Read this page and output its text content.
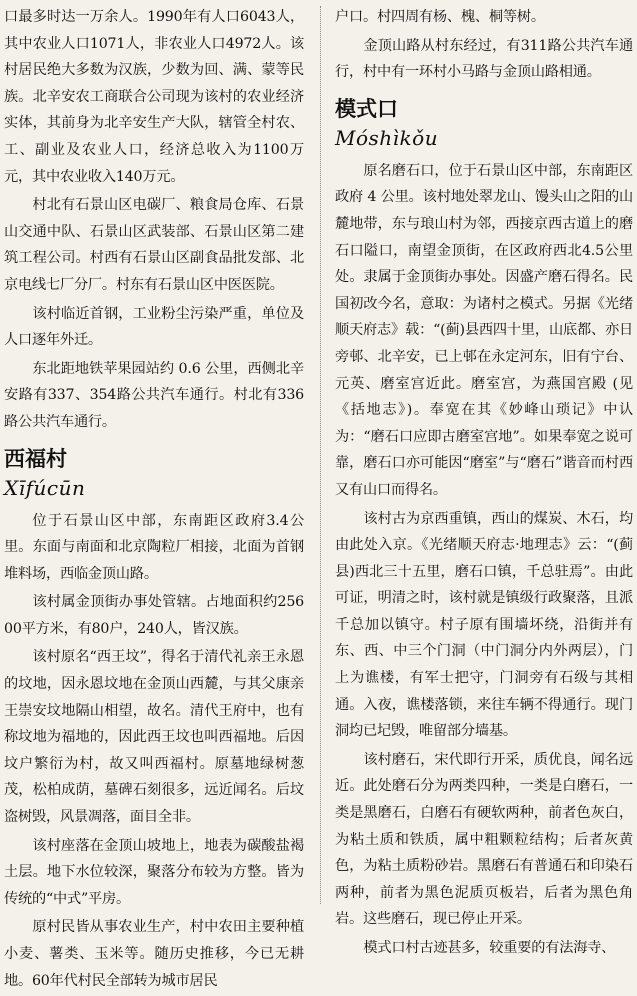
口最多时达一万余人。1990年有人口6043人，其中农业人口1071人，非农业人口4972人。该村居民绝大多数为汉族，少数为回、满、蒙等民族。北辛安农工商联合公司现为该村的农业经济实体，其前身为北辛安生产大队，辖管全村农、工、副业及农业人口，经济总收入为1100万元，其中农业收入140万元。

村北有石景山区电碳厂、粮食局仓库、石景山交通中队、石景山区武装部、石景山区第二建筑工程公司。村西有石景山区副食品批发部、北京电线七厂分厂。村东有石景山区中医医院。

该村临近首钢，工业粉尘污染严重，单位及人口逐年外迁。

东北距地铁苹果园站约 0.6 公里，西侧北辛安路有337、354路公共汽车通行。村北有336路公共汽车通行。

西福村
Xīfúcūn

位于石景山区中部，东南距区政府3.4公里。东面与南面和北京陶粒厂相接，北面为首钢堆料场，西临金顶山路。

该村属金顶街办事处管辖。占地面积约25600平方米，有80户，240人，皆汉族。

该村原名“西王坟”，得名于清代礼亲王永恩的坟地，因永恩坟地在金顶山西麓，与其父康亲王崇安坟地隔山相望，故名。清代王府中，也有称坟地为福地的，因此西王坟也叫西福地。后因坟户繁衍为村，故又叫西福村。原墓地绿树葱茂，松柏成荫，墓碑石刻很多，远近闻名。后坟盗树毁，风景凋落，面目全非。

该村座落在金顶山坡地上，地表为碳酸盐褐土层。地下水位较深，聚落分布较为方整。皆为传统的“中式”平房。

原村民皆从事农业生产，村中农田主要种植小麦、薯类、玉米等。随历史推移，今已无耕地。60年代村民全部转为城市居民

户口。村四周有杨、槐、桐等树。

金顶山路从村东经过，有311路公共汽车通行，村中有一环村小马路与金顶山路相通。

模式口
Móshìkǒu

原名磨石口，位于石景山区中部，东南距区政府 4 公里。该村地处翠龙山、馒头山之阳的山麓地带，东与琅山村为邻，西接京西古道上的磨石口隘口，南望金顶街，在区政府西北4.5公里处。隶属于金顶街办事处。因盛产磨石得名。民国初改今名，意取：为诸村之模式。另据《光绪顺天府志》载：“(蓟)县西四十里，山底都、亦日旁邨、北辛安，已上邨在永定河东，旧有宁台、元英、磨室宫近此。磨室宫，为燕国宫殿 (见《括地志》)。奉宽在其《妙峰山琐记》中认为：“磨石口应即古磨室宫地”。如果奉宽之说可靠，磨石口亦可能因“磨室”与“磨石”谐音而村西又有山口而得名。

该村古为京西重镇，西山的煤炭、木石，均由此处入京。《光绪顺天府志·地理志》云：“(蓟县)西北三十五里，磨石口镇，千总驻焉”。由此可证，明清之时，该村就是镇级行政聚落，且派千总加以镇守。村子原有围墙坏绕，沿街并有东、西、中三个门洞（中门洞分内外两层），门上为谯楼，有军士把守，门洞旁有石级与其相通。入夜，谯楼落锁，来往车辆不得通行。现门洞均已圮毁，唯留部分墙基。

该村磨石，宋代即行开采，质优良，闻名远近。此处磨石分为两类四种，一类是白磨石，一类是黑磨石，白磨石有硬软两种，前者色灰白，为粘土质和铁质，属中粗颗粒结构；后者灰黄色，为粘土质粉砂岩。黑磨石有普通石和印染石两种，前者为黑色泥质页板岩，后者为黑色角岩。这些磨石，现已停止开采。

模式口村古迹甚多，较重要的有法海寺、
